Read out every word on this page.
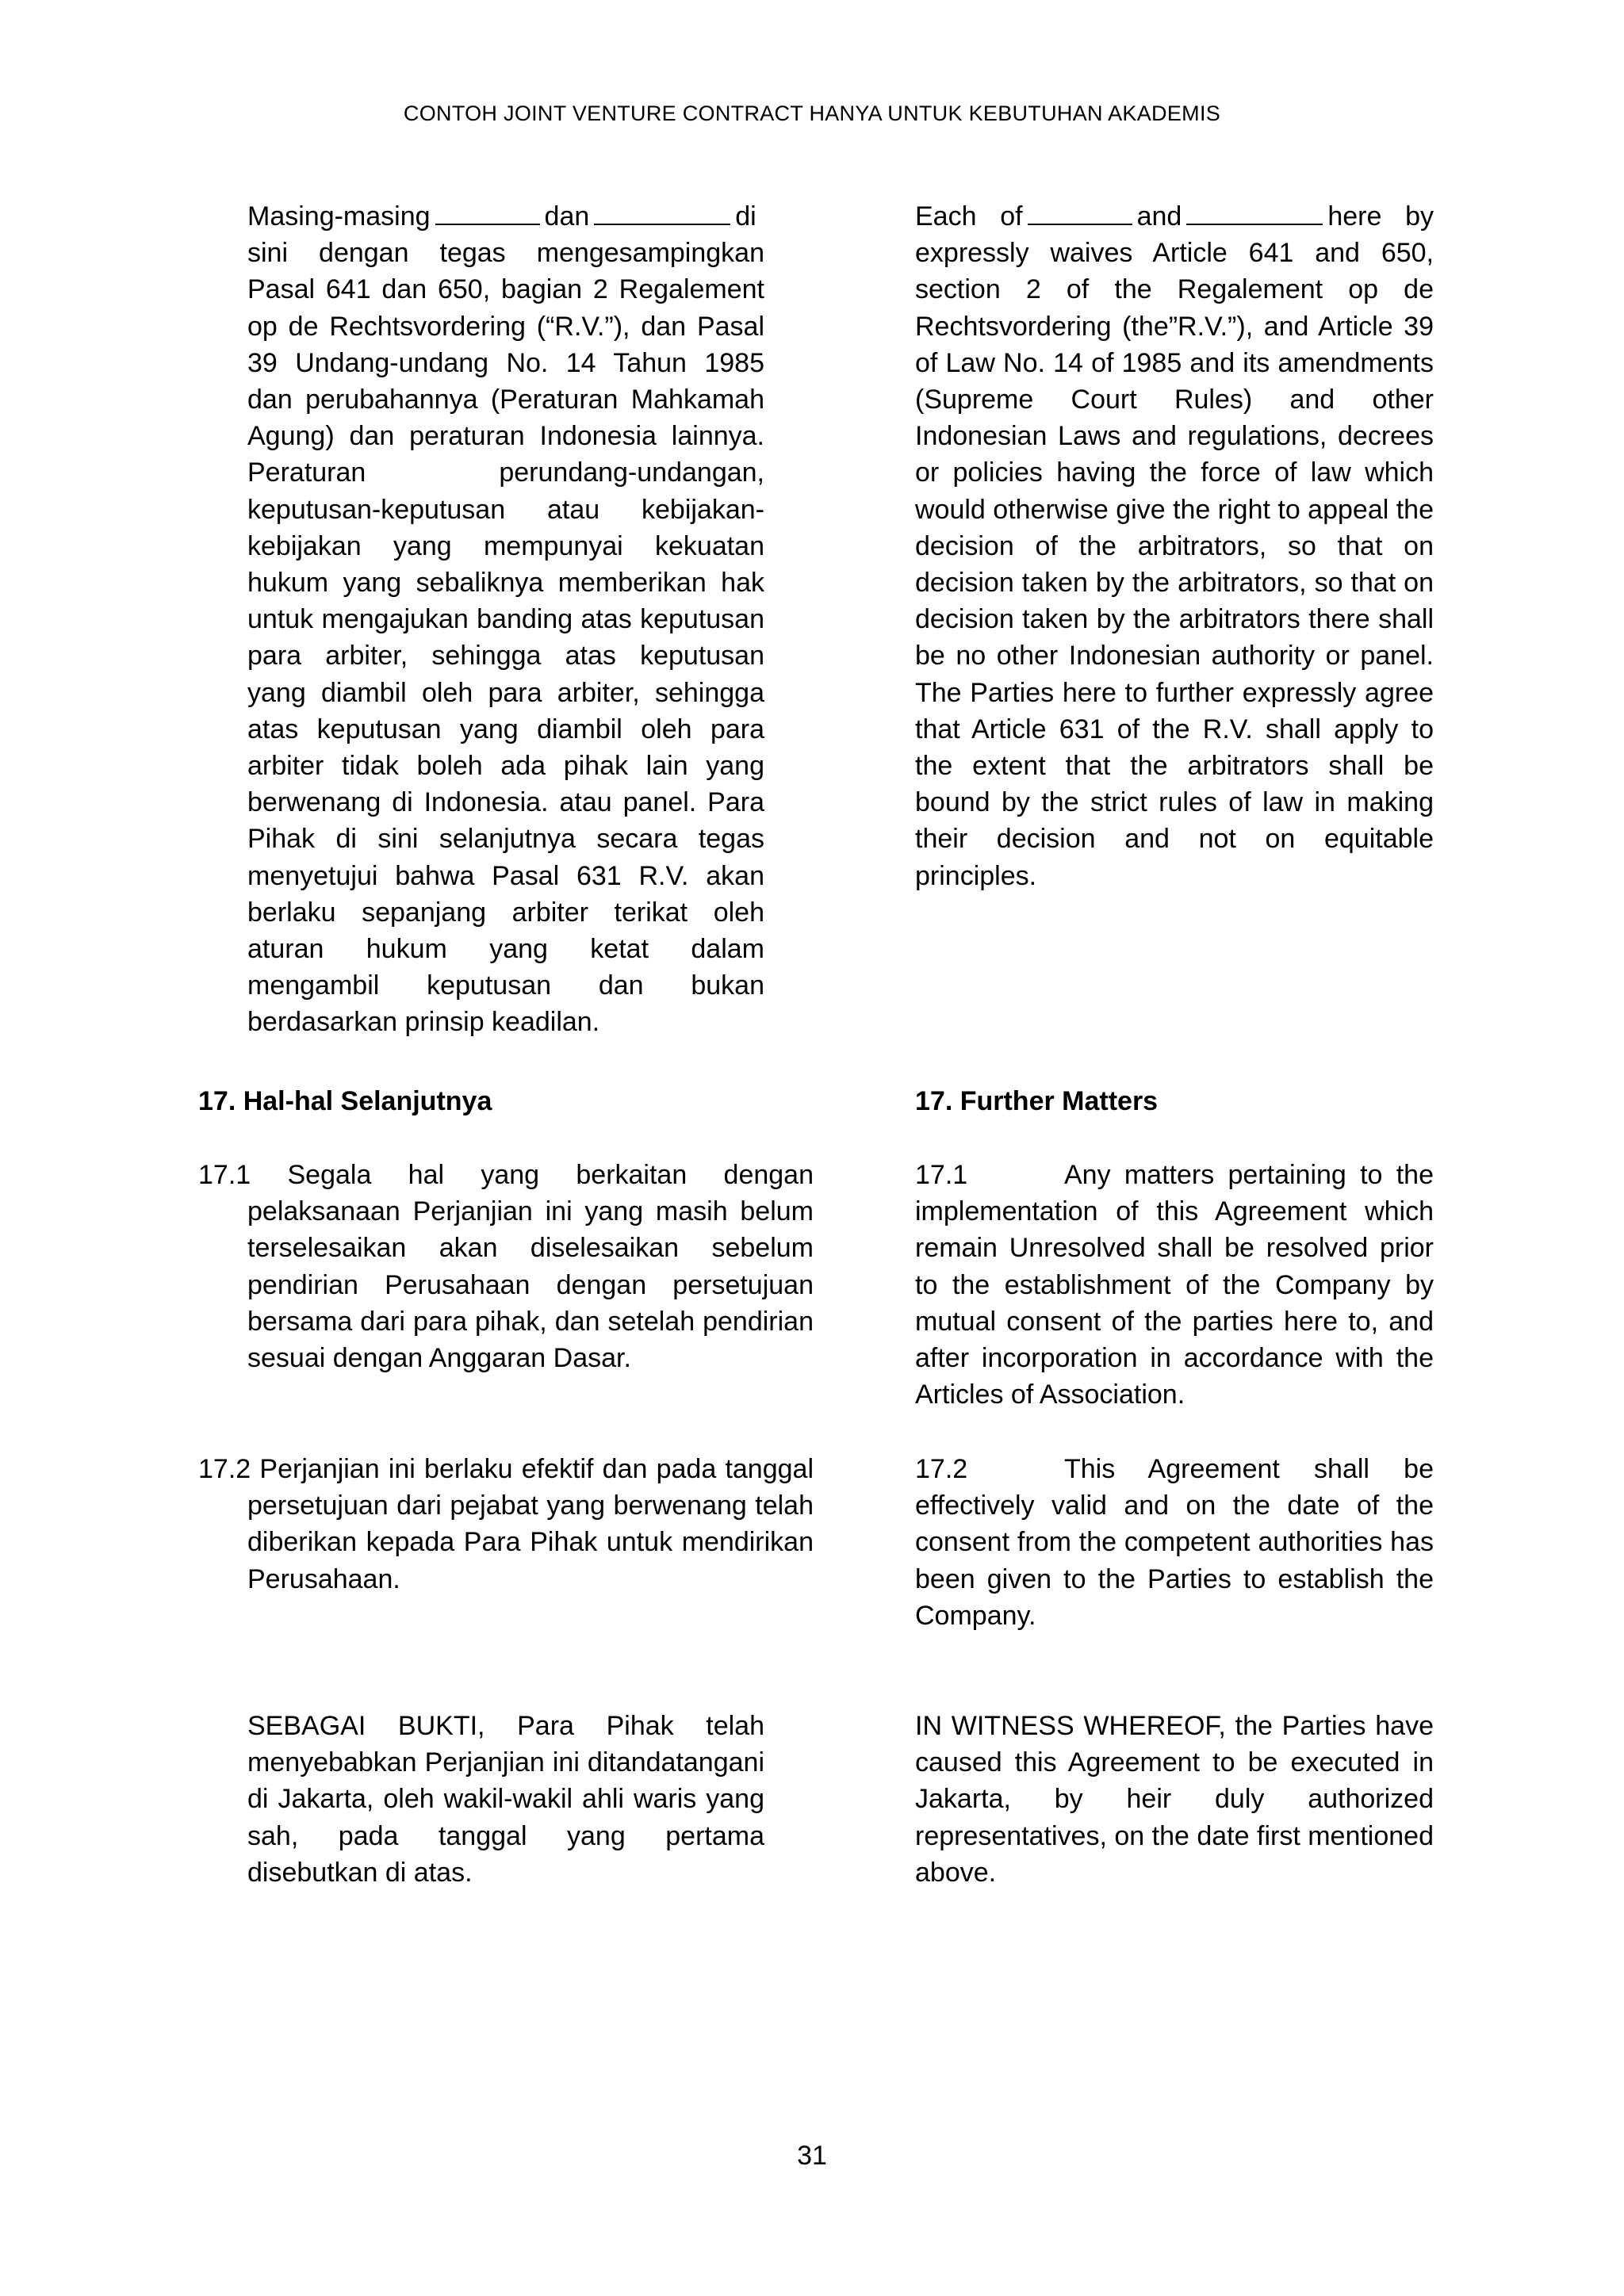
CONTOH JOINT VENTURE CONTRACT HANYA UNTUK KEBUTUHAN AKADEMIS
Masing-masing	dan	di
sini dengan tegas mengesampingkan Pasal 641 dan 650, bagian 2 Regalement op de Rechtsvordering (“R.V.”), dan Pasal 39 Undang-undang No. 14 Tahun 1985 dan perubahannya (Peraturan Mahkamah Agung) dan peraturan Indonesia lainnya. Peraturan perundang-undangan, keputusan-keputusan atau kebijakan-kebijakan yang mempunyai kekuatan hukum yang sebaliknya memberikan hak untuk mengajukan banding atas keputusan para arbiter, sehingga atas keputusan yang diambil oleh para arbiter, sehingga atas keputusan yang diambil oleh para arbiter tidak boleh ada pihak lain yang berwenang di Indonesia. atau panel. Para Pihak di sini selanjutnya secara tegas menyetujui bahwa Pasal 631 R.V. akan berlaku sepanjang arbiter terikat oleh aturan hukum yang ketat dalam mengambil keputusan dan bukan berdasarkan prinsip keadilan.
Each of	and	here by
expressly waives Article 641 and 650, section 2 of the Regalement op de Rechtsvordering (the”R.V.”), and Article 39 of Law No. 14 of 1985 and its amendments (Supreme Court Rules) and other Indonesian Laws and regulations, decrees or policies having the force of law which would otherwise give the right to appeal the decision of the arbitrators, so that on decision taken by the arbitrators, so that on decision taken by the arbitrators there shall be no other Indonesian authority or panel. The Parties here to further expressly agree that Article 631 of the R.V. shall apply to the extent that the arbitrators shall be bound by the strict rules of law in making their decision and not on equitable principles.
17. Hal-hal Selanjutnya	17. Further Matters
17.1 Segala hal yang berkaitan dengan pelaksanaan Perjanjian ini yang masih belum terselesaikan akan diselesaikan sebelum pendirian Perusahaan dengan persetujuan bersama dari para pihak, dan setelah pendirian sesuai dengan Anggaran Dasar.
17.1	Any matters pertaining to the
implementation of this Agreement which remain Unresolved shall be resolved prior to the establishment of the Company by mutual consent of the parties here to, and after incorporation in accordance with the Articles of Association.
17.2 Perjanjian ini berlaku efektif dan pada tanggal persetujuan dari pejabat yang berwenang telah diberikan kepada Para Pihak untuk mendirikan Perusahaan.
17.2	This Agreement shall be
effectively valid and on the date of the consent from the competent authorities has been given to the Parties to establish the Company.
SEBAGAI BUKTI, Para Pihak telah menyebabkan Perjanjian ini ditandatangani di Jakarta, oleh wakil-wakil ahli waris yang sah, pada tanggal yang pertama disebutkan di atas.
IN WITNESS WHEREOF, the Parties have caused this Agreement to be executed in Jakarta, by heir duly authorized representatives, on the date first mentioned above.
31
